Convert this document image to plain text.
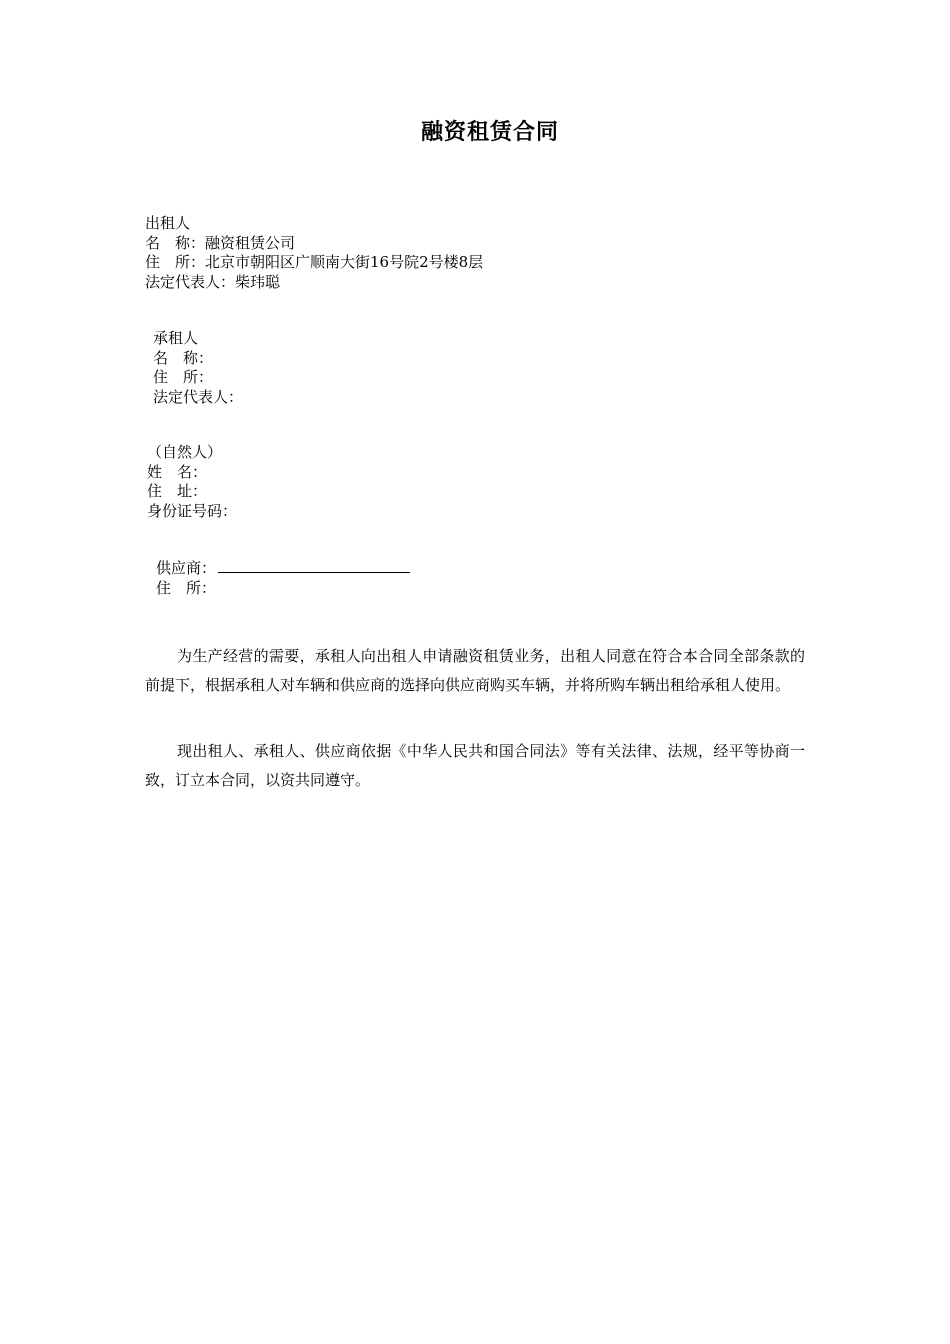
融资租赁合同
出租人
名　称：融资租赁公司
住　所：北京市朝阳区广顺南大街16号院2号楼8层
法定代表人：柴玮聪
承租人
名　称：
住　所：
法定代表人：
（自然人）
姓　名：
住　址：
身份证号码：
供应商：
住　所：

为生产经营的需要，承租人向出租人申请融资租赁业务，出租人同意在符合本合同全部条款的前提下，根据承租人对车辆和供应商的选择向供应商购买车辆，并将所购车辆出租给承租人使用。

现出租人、承租人、供应商依据《中华人民共和国合同法》等有关法律、法规，经平等协商一致，订立本合同，以资共同遵守。
